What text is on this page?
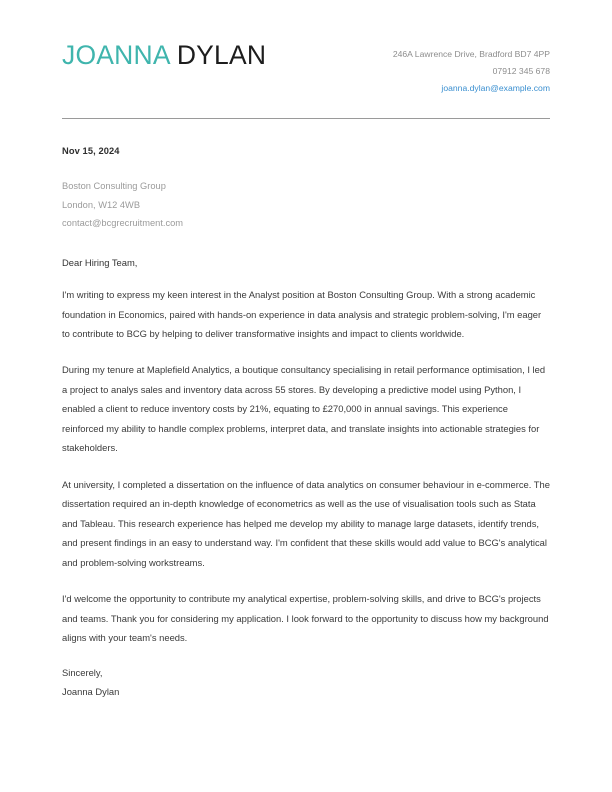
JOANNA DYLAN	246A Lawrence Drive, Bradford BD7 4PP
07912 345 678
joanna.dylan@example.com
Nov 15, 2024
Boston Consulting Group
London, W12 4WB
contact@bcgrecruitment.com
Dear Hiring Team,

I'm writing to express my keen interest in the Analyst position at Boston Consulting Group. With a strong academic foundation in Economics, paired with hands-on experience in data analysis and strategic problem-solving, I'm eager to contribute to BCG by helping to deliver transformative insights and impact to clients worldwide.

During my tenure at Maplefield Analytics, a boutique consultancy specialising in retail performance optimisation, I led a project to analys sales and inventory data across 55 stores. By developing a predictive model using Python, I enabled a client to reduce inventory costs by 21%, equating to £270,000 in annual savings. This experience reinforced my ability to handle complex problems, interpret data, and translate insights into actionable strategies for stakeholders.

At university, I completed a dissertation on the influence of data analytics on consumer behaviour in e-commerce. The dissertation required an in-depth knowledge of econometrics as well as the use of visualisation tools such as Stata and Tableau. This research experience has helped me develop my ability to manage large datasets, identify trends, and present findings in an easy to understand way. I'm confident that these skills would add value to BCG's analytical and problem-solving workstreams.

I'd welcome the opportunity to contribute my analytical expertise, problem-solving skills, and drive to BCG's projects and teams. Thank you for considering my application. I look forward to the opportunity to discuss how my background aligns with your team's needs.

Sincerely,
Joanna Dylan
